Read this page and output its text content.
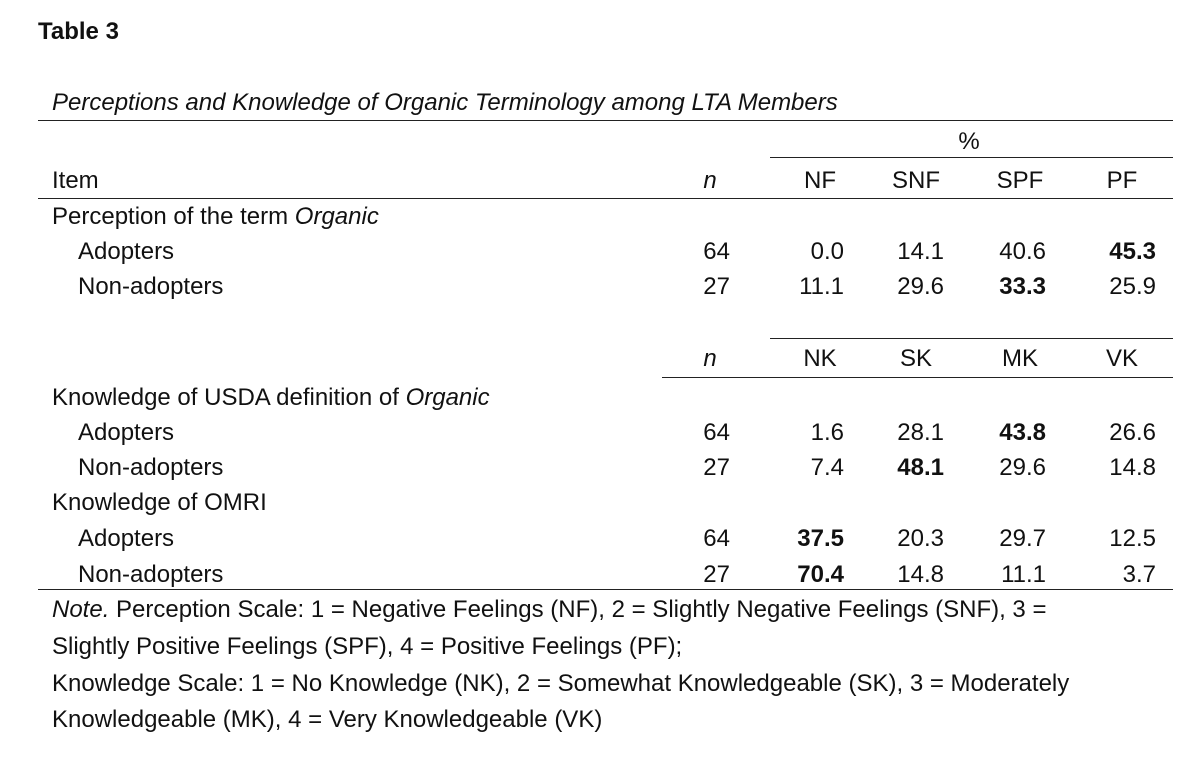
Table 3
Perceptions and Knowledge of Organic Terminology among LTA Members
%
Item	n	NF	SNF	SPF	PF
Perception of the term Organic
Adopters	64	0.0	14.1	40.6	45.3
Non-adopters	27	11.1	29.6	33.3	25.9
n	NK	SK	MK	VK
Knowledge of USDA definition of Organic
Adopters	64	1.6	28.1	43.8	26.6
Non-adopters	27	7.4	48.1	29.6	14.8
Knowledge of OMRI
Adopters	64	37.5	20.3	29.7	12.5
Non-adopters	27	70.4	14.8	11.1	3.7
Note. Perception Scale: 1 = Negative Feelings (NF), 2 = Slightly Negative Feelings (SNF), 3 =
Slightly Positive Feelings (SPF), 4 = Positive Feelings (PF);
Knowledge Scale: 1 = No Knowledge (NK), 2 = Somewhat Knowledgeable (SK), 3 = Moderately
Knowledgeable (MK), 4 = Very Knowledgeable (VK)
